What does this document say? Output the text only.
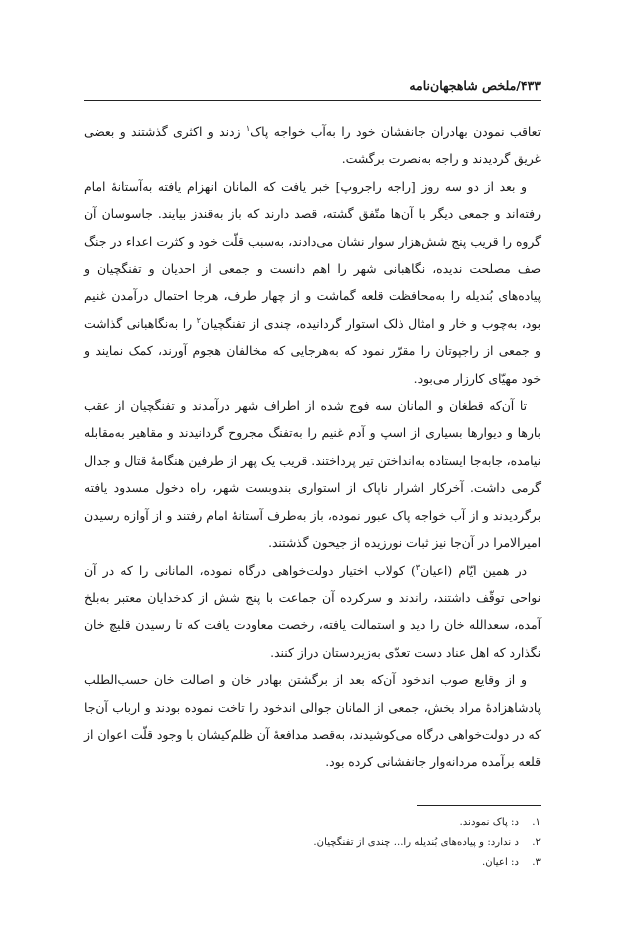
۴۳۳/ملخص شاهجهان‌نامه

تعاقب نمودن بهادران جانفشان خود را به‌آب خواجه پاک$^۱$ زدند و اکثری گذشتند و بعضی غریق گردیدند و راجه به‌نصرت برگشت.

و بعد از دو سه روز [راجه راجروپ] خبر یافت که المانان انهزام یافته به‌آستانهٔ امام رفته‌اند و جمعی دیگر با آن‌ها متّفق گشته، قصد دارند که باز به‌قندز بیایند. جاسوسان آن گروه را قریب پنج شش‌هزار سوار نشان می‌دادند، به‌سبب قلّت خود و کثرت اعداء در جنگ صف مصلحت ندیده، نگاهبانی شهر را اهم دانست و جمعی از احدیان و تفنگچیان و پیاده‌های بُندیله را به‌محافظت قلعه گماشت و از چهار طرف، هرجا احتمال درآمدن غنیم بود، به‌چوب و خار و امثال ذلک استوار گردانیده، چندی از تفنگچیان$^۲$ را به‌نگاهبانی گذاشت و جمعی از راجپوتان را مقرّر نمود که به‌هرجایی که مخالفان هجوم آورند، کمک نمایند و خود مهیّای کارزار می‌بود.

تا آن‌که قطغان و المانان سه فوج شده از اطراف شهر درآمدند و تفنگچیان از عقب بارها و دیوارها بسیاری از اسپ و آدم غنیم را به‌تفنگ مجروح گردانیدند و مقاهیر به‌مقابله نیامده، جابه‌جا ایستاده به‌انداختن تیر پرداختند. قریب یک پهر از طرفین هنگامهٔ قتال و جدال گرمی داشت. آخرکار اشرار ناپاک از استواری بندوبست شهر، راه دخول مسدود یافته برگردیدند و از آب خواجه پاک عبور نموده، باز به‌طرف آستانهٔ امام رفتند و از آوازه رسیدن امیرالامرا در آن‌جا نیز ثبات نورزیده از جیحون گذشتند.

در همین ایّام (اعیان$^۳$) کولاب اختیار دولت‌خواهی درگاه نموده، المانانی را که در آن نواحی توقّف داشتند، راندند و سرکرده آن جماعت با پنج شش از کدخدایان معتبر به‌بلخ آمده، سعدالله خان را دید و استمالت یافته، رخصت معاودت یافت که تا رسیدن قلیچ خان نگذارد که اهل عناد دست تعدّی به‌زیردستان دراز کنند.

و از وقایع صوب اندخود آن‌که بعد از برگشتن بهادر خان و اصالت خان حسب‌الطلب پادشاهزادهٔ مراد بخش، جمعی از المانان جوالی اندخود را تاخت نموده بودند و ارباب آن‌جا که در دولت‌خواهی درگاه می‌کوشیدند، به‌قصد مدافعهٔ آن ظلم‌کیشان با وجود قلّت اعوان از قلعه برآمده مردانه‌وار جانفشانی کرده بود.

۱.
د: پاک نمودند.
۲.
د ندارد: و پیاده‌های بُندیله را... چندی از تفنگچیان.
۳.
د: اعیان.
